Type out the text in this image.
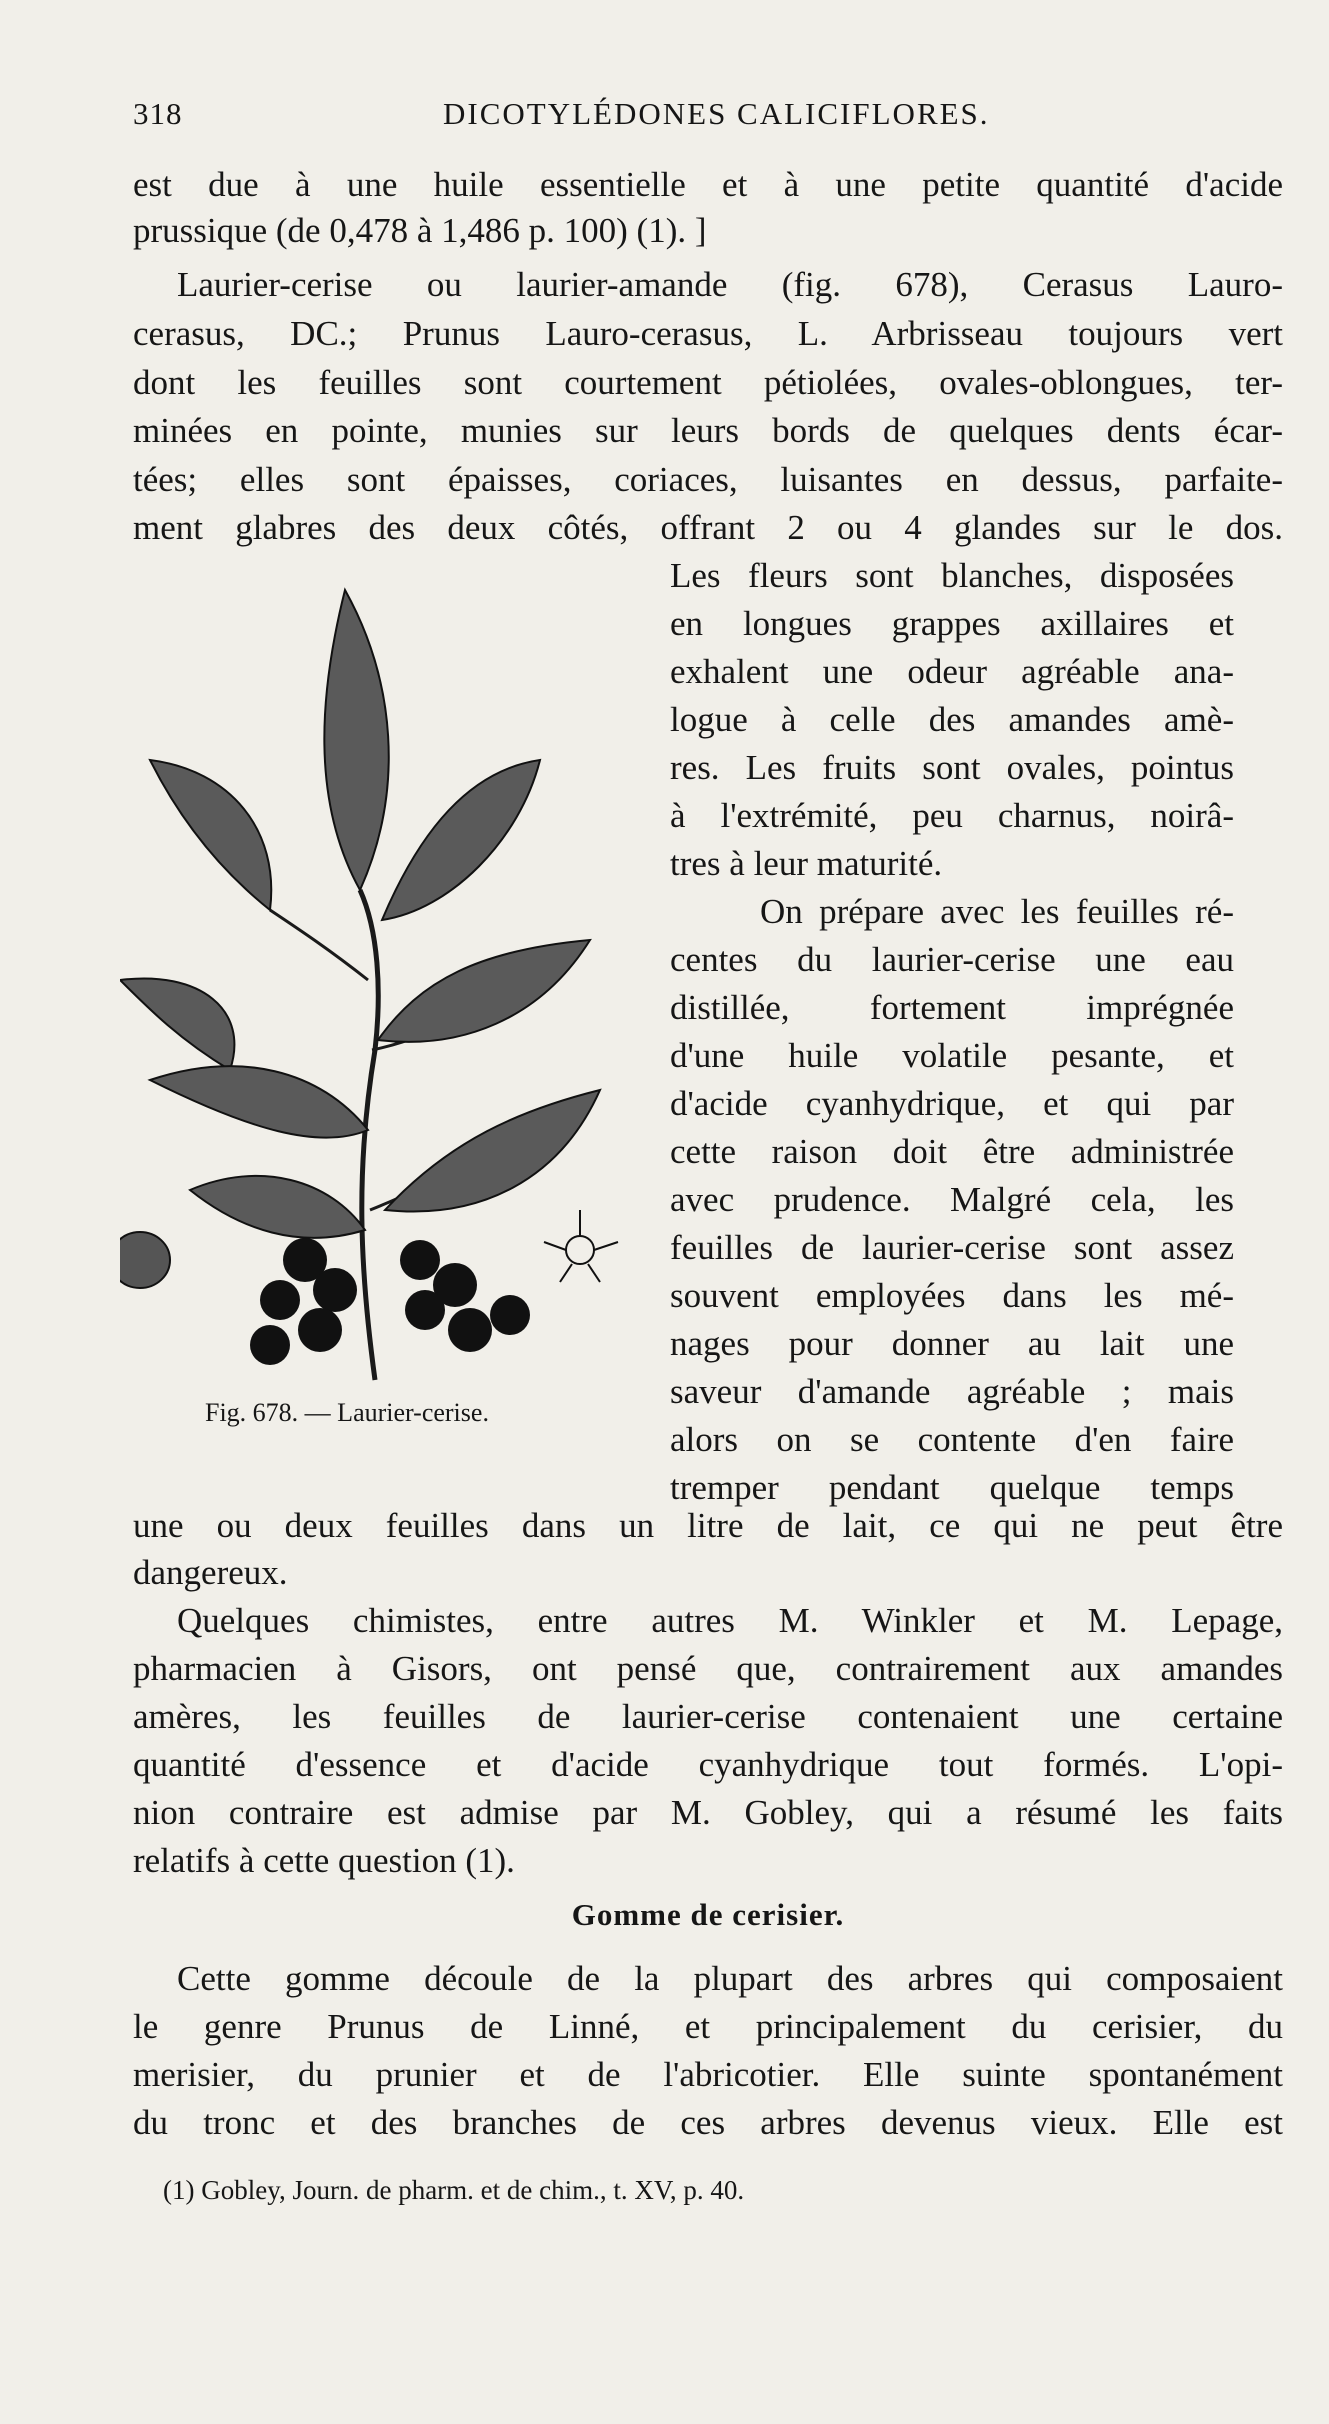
318	DICOTYLÉDONES CALICIFLORES.
est due à une huile essentielle et à une petite quantité d'acide
prussique (de 0,478 à 1,486 p. 100) (1). ]
Laurier-cerise ou laurier-amande (fig. 678), Cerasus Lauro-
cerasus, DC.; Prunus Lauro-cerasus, L. Arbrisseau toujours vert
dont les feuilles sont courtement pétiolées, ovales-oblongues, ter-
minées en pointe, munies sur leurs bords de quelques dents écar-
tées; elles sont épaisses, coriaces, luisantes en dessus, parfaite-
ment glabres des deux côtés, offrant 2 ou 4 glandes sur le dos.
Les fleurs sont blanches, disposées
en longues grappes axillaires et
exhalent une odeur agréable ana-
logue à celle des amandes amè-
res. Les fruits sont ovales, pointus
à l'extrémité, peu charnus, noirâ-
tres à leur maturité.
On prépare avec les feuilles ré-
centes du laurier-cerise une eau
distillée, fortement imprégnée
d'une huile volatile pesante, et
d'acide cyanhydrique, et qui par
cette raison doit être administrée
avec prudence. Malgré cela, les
feuilles de laurier-cerise sont assez
souvent employées dans les mé-
nages pour donner au lait une
saveur d'amande agréable ; mais
alors on se contente d'en faire
tremper pendant quelque temps
une ou deux feuilles dans un litre de lait, ce qui ne peut être
dangereux.
Quelques chimistes, entre autres M. Winkler et M. Lepage,
pharmacien à Gisors, ont pensé que, contrairement aux amandes
amères, les feuilles de laurier-cerise contenaient une certaine
quantité d'essence et d'acide cyanhydrique tout formés. L'opi-
nion contraire est admise par M. Gobley, qui a résumé les faits
relatifs à cette question (1).
Gomme de cerisier.
Cette gomme découle de la plupart des arbres qui composaient
le genre Prunus de Linné, et principalement du cerisier, du
merisier, du prunier et de l'abricotier. Elle suinte spontanément
du tronc et des branches de ces arbres devenus vieux. Elle est
(1) Gobley, Journ. de pharm. et de chim., t. XV, p. 40.
Fig. 678. — Laurier-cerise.
